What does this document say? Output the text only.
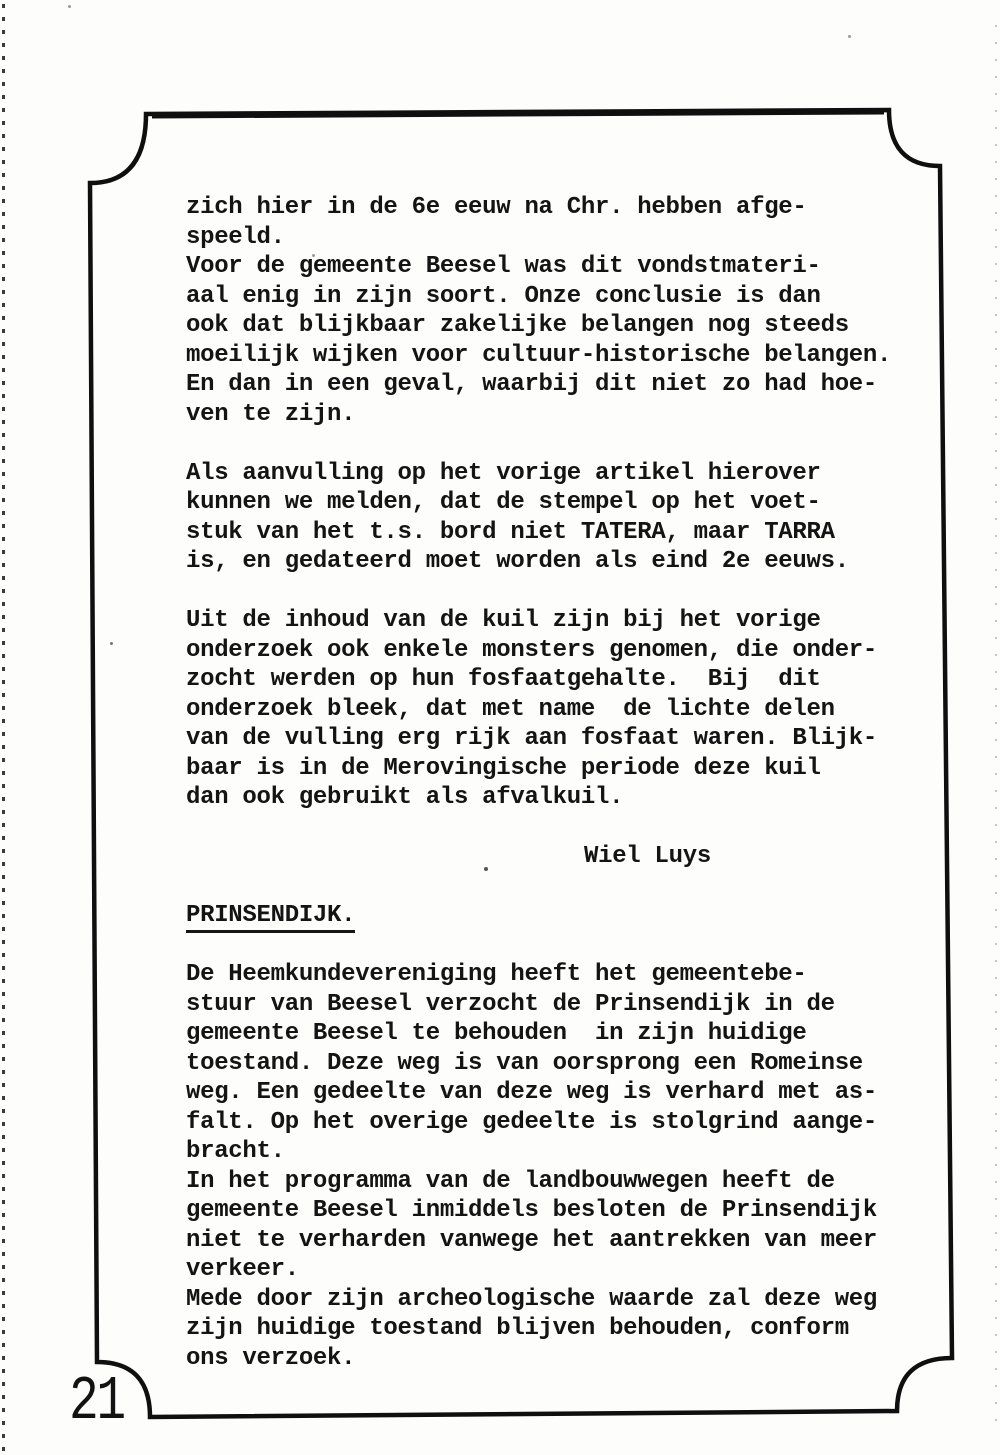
zich hier in de 6e eeuw na Chr. hebben afge-
speeld.
Voor de gemeente Beesel was dit vondstmateri-
aal enig in zijn soort. Onze conclusie is dan
ook dat blijkbaar zakelijke belangen nog steeds
moeilijk wijken voor cultuur-historische belangen.
En dan in een geval, waarbij dit niet zo had hoe-
ven te zijn.
Als aanvulling op het vorige artikel hierover
kunnen we melden, dat de stempel op het voet-
stuk van het t.s. bord niet TATERA, maar TARRA
is, en gedateerd moet worden als eind 2e eeuws.
Uit de inhoud van de kuil zijn bij het vorige
onderzoek ook enkele monsters genomen, die onder-
zocht werden op hun fosfaatgehalte.  Bij  dit
onderzoek bleek, dat met name  de lichte delen
van de vulling erg rijk aan fosfaat waren. Blijk-
baar is in de Merovingische periode deze kuil
dan ook gebruikt als afvalkuil.
Wiel Luys
PRINSENDIJK.
De Heemkundevereniging heeft het gemeentebe-
stuur van Beesel verzocht de Prinsendijk in de
gemeente Beesel te behouden  in zijn huidige
toestand. Deze weg is van oorsprong een Romeinse
weg. Een gedeelte van deze weg is verhard met as-
falt. Op het overige gedeelte is stolgrind aange-
bracht.
In het programma van de landbouwwegen heeft de
gemeente Beesel inmiddels besloten de Prinsendijk
niet te verharden vanwege het aantrekken van meer
verkeer.
Mede door zijn archeologische waarde zal deze weg
zijn huidige toestand blijven behouden, conform
ons verzoek.
21
